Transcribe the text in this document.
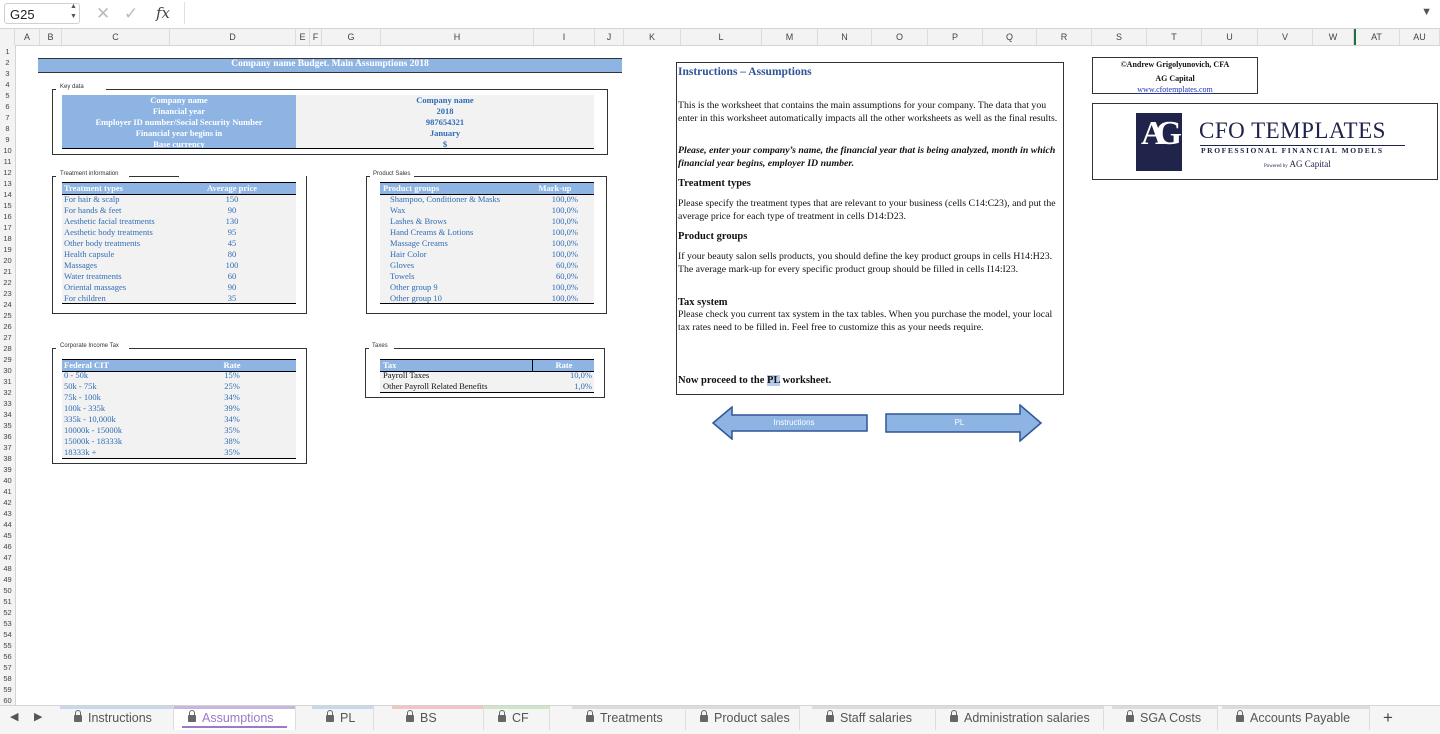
G25
▲
▼ ✕ ✓ fx	▼
A	B	C	D	E F	G	H	I	J	K	L	M	N	O	P	Q	R	S	T	U	V	W	AT	AU
1
2
3
4
5
6
7
8
9
10
11
12
13
14
15
16
17
18
19
20
21
22
23
24
25
26
27
28
29
30
31
32
33
34
35
36
37
38
39
40
41
42
43
44
45
46
47
48
49
50
51
52
53
54
55
56
57
58
59
60
Company name Budget. Main Assumptions 2018
Key data
Company name	Company name
Financial year	2018
Employer ID number/Social Security Number	987654321
Financial year begins in	January
Base currency	$
Treatment information
Treatment types	Average price
For hair & scalp	150
For hands & feet	90
Aesthetic facial treatments	130
Aesthetic body treatments	95
Other body treatments	45
Health capsule	80
Massages	100
Water treatments	60
Oriental massages	90
For children	35
Product Sales
Product groups	Mark-up
Shampoo, Conditioner & Masks	100,0%
Wax	100,0%
Lashes & Brows	100,0%
Hand Creams & Lotions	100,0%
Massage Creams	100,0%
Hair Color	100,0%
Gloves	60,0%
Towels	60,0%
Other group 9	100,0%
Other group 10	100,0%
Corporate Income Tax
Federal CIT	Rate
0 - 50k	15%
50k - 75k	25%
75k - 100k	34%
100k - 335k	39%
335k - 10,000k	34%
10000k - 15000k	35%
15000k - 18333k	38%
18333k +	35%
Taxes
Tax	Rate
Payroll Taxes	10,0%
Other Payroll Related Benefits	1,0%
Instructions – Assumptions

This is the worksheet that contains the main assumptions for your company. The data that you enter in this worksheet automatically impacts all the other worksheets as well as the final results.

Please, enter your company’s name, the financial year that is being analyzed, month in which financial year begins, employer ID number.

Treatment types

Please specify the treatment types that are relevant to your business (cells C14:C23), and put the average price for each type of treatment in cells D14:D23.

Product groups

If your beauty salon sells products, you should define the key product groups in cells H14:H23. The average mark-up for every specific product group should be filled in cells I14:I23.

Tax system

Please check you current tax system in the tax tables. When you purchase the model, your local tax rates need to be filled in. Feel free to customize this as your needs require.

Now proceed to the PL worksheet.

Instructions	PL
©Andrew Grigolyunovich, CFA
AG Capital
www.cfotemplates.com
AG CFO TEMPLATES
PROFESSIONAL FINANCIAL MODELS
Powered by AG Capital
◀ ▶	Instructions	Assumptions	PL	BS	CF	Treatments	Product sales	Staff salaries	Administration salaries	SGA Costs	Accounts Payable	+
